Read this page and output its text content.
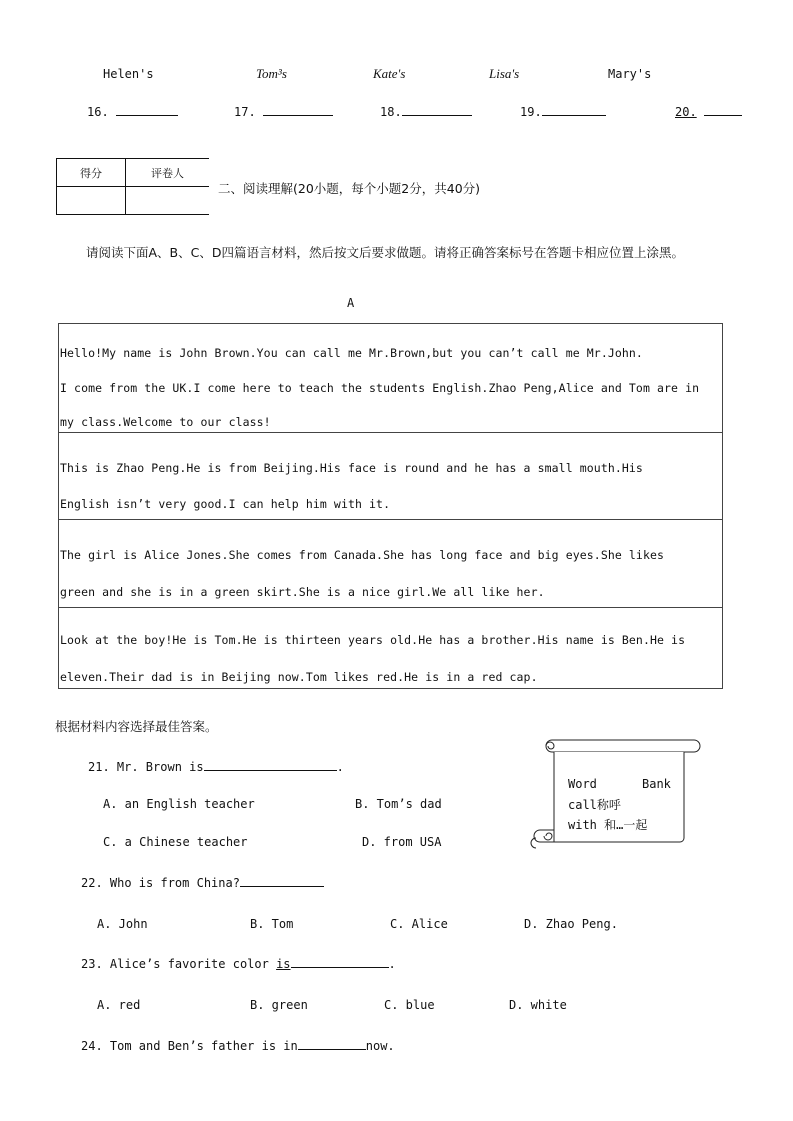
Helen's	Tom³s	Kate's	Lisa's	Mary's
16.	17.	18.	19.	20.
得分	评卷人

二、阅读理解(20小题，每个小题2分，共40分)
请阅读下面A、B、C、D四篇语言材料，然后按文后要求做题。请将正确答案标号在答题卡相应位置上涂黑。
A
Hello!My name is John Brown.You can call me Mr.Brown,but you can’t call me Mr.John.
I come from the UK.I come here to teach the students English.Zhao Peng,Alice and Tom are in
my class.Welcome to our class!
This is Zhao Peng.He is from Beijing.His face is round and he has a small mouth.His
English isn’t very good.I can help him with it.
The girl is Alice Jones.She comes from Canada.She has long face and big eyes.She likes
green and she is in a green skirt.She is a nice girl.We all like her.
Look at the boy!He is Tom.He is thirteen years old.He has a brother.His name is Ben.He is
eleven.Their dad is in Beijing now.Tom likes red.He is in a red cap.
根据材料内容选择最佳答案。
Word	Bank
call称呼
with 和…一起
21. Mr. Brown is	.
A. an English teacher	B. Tom’s dad
C. a Chinese teacher	D. from USA
22. Who is from China?
A. John	B. Tom	C. Alice	D. Zhao Peng.
23. Alice’s favorite color is	.
A. red	B. green	C. blue	D. white
24. Tom and Ben’s father is in	now.
